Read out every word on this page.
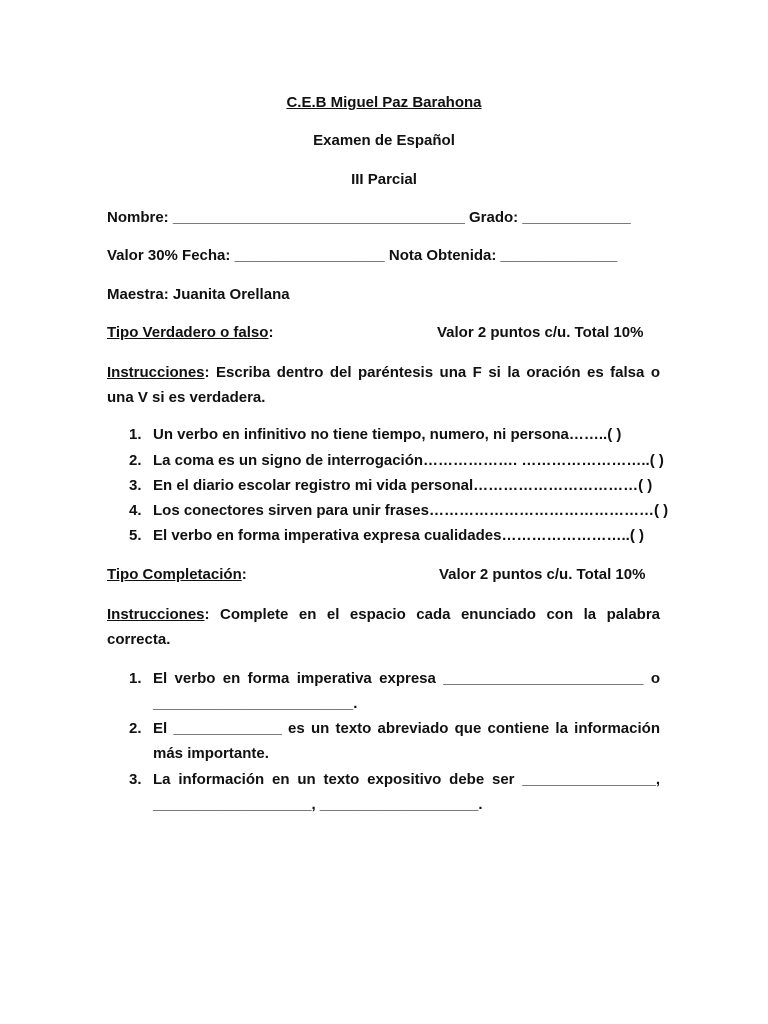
C.E.B Miguel Paz Barahona
Examen de Español
III Parcial
Nombre: ___________________________________ Grado: _____________
Valor 30% Fecha: __________________ Nota Obtenida: ______________
Maestra: Juanita Orellana
Tipo Verdadero o falso:	Valor 2 puntos c/u. Total 10%
Instrucciones: Escriba dentro del paréntesis una F si la oración es falsa o una V si es verdadera.
1. Un verbo en infinitivo no tiene tiempo, numero, ni persona……..( )
2. La coma es un signo de interrogación………………. ……………………..( )
3. En el diario escolar registro mi vida personal……………………………( )
4. Los conectores sirven para unir frases………………………………………( )
5. El verbo en forma imperativa expresa cualidades……………………..( )
Tipo Completación:	Valor 2 puntos c/u. Total 10%
Instrucciones: Complete en el espacio cada enunciado con la palabra correcta.
1. El verbo en forma imperativa expresa ________________________ o ________________________.
2. El _____________ es un texto abreviado que contiene la información más importante.
3. La información en un texto expositivo debe ser ________________, ___________________, ___________________.
